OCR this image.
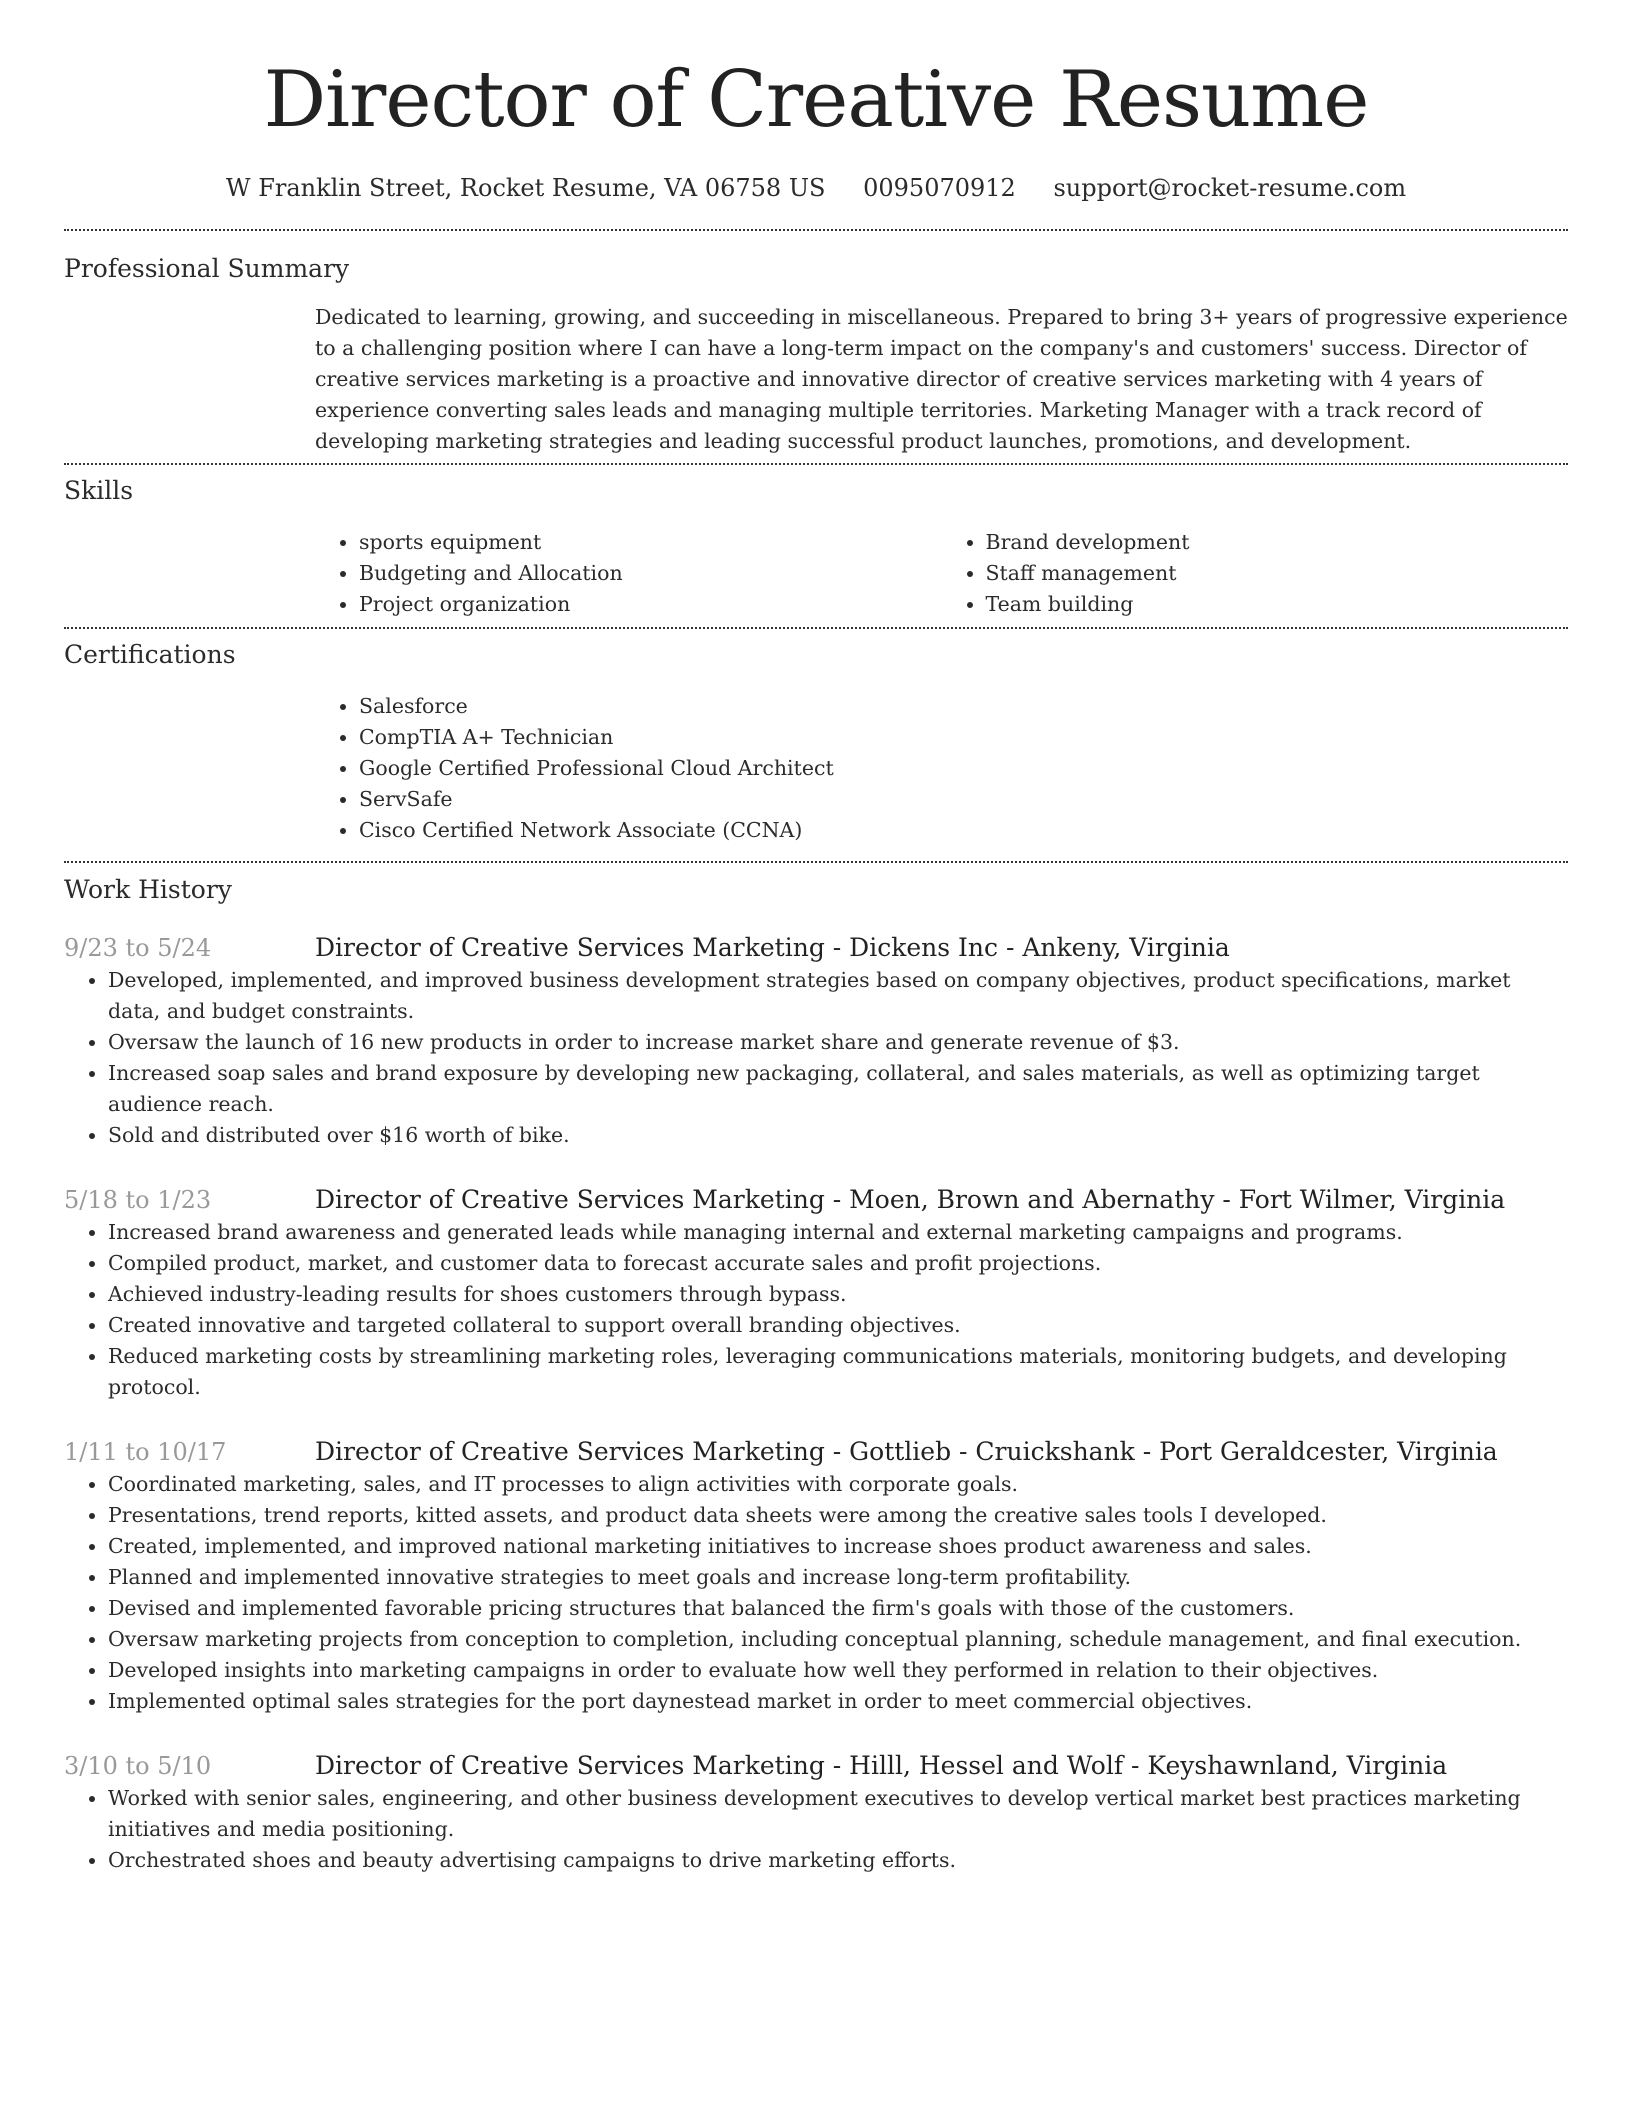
Director of Creative Resume
W Franklin Street, Rocket Resume, VA 06758 US 0095070912 support@rocket-resume.com
Professional Summary

Dedicated to learning, growing, and succeeding in miscellaneous. Prepared to bring 3+ years of progressive experience to a challenging position where I can have a long-term impact on the company's and customers' success. Director of creative services marketing is a proactive and innovative director of creative services marketing with 4 years of experience converting sales leads and managing multiple territories. Marketing Manager with a track record of developing marketing strategies and leading successful product launches, promotions, and development.

Skills
• sports equipment
• Budgeting and Allocation
• Project organization
• Brand development
• Staff management
• Team building
Certifications
• Salesforce
• CompTIA A+ Technician
• Google Certified Professional Cloud Architect
• ServSafe
• Cisco Certified Network Associate (CCNA)
Work History
9/23 to 5/24	Director of Creative Services Marketing - Dickens Inc - Ankeny, Virginia
• Developed, implemented, and improved business development strategies based on company objectives, product specifications, market data, and budget constraints.
• Oversaw the launch of 16 new products in order to increase market share and generate revenue of $3.
• Increased soap sales and brand exposure by developing new packaging, collateral, and sales materials, as well as optimizing target audience reach.
• Sold and distributed over $16 worth of bike.
5/18 to 1/23	Director of Creative Services Marketing - Moen, Brown and Abernathy - Fort Wilmer, Virginia
• Increased brand awareness and generated leads while managing internal and external marketing campaigns and programs.
• Compiled product, market, and customer data to forecast accurate sales and profit projections.
• Achieved industry-leading results for shoes customers through bypass.
• Created innovative and targeted collateral to support overall branding objectives.
• Reduced marketing costs by streamlining marketing roles, leveraging communications materials, monitoring budgets, and developing protocol.
1/11 to 10/17	Director of Creative Services Marketing - Gottlieb - Cruickshank - Port Geraldcester, Virginia
• Coordinated marketing, sales, and IT processes to align activities with corporate goals.
• Presentations, trend reports, kitted assets, and product data sheets were among the creative sales tools I developed.
• Created, implemented, and improved national marketing initiatives to increase shoes product awareness and sales.
• Planned and implemented innovative strategies to meet goals and increase long-term profitability.
• Devised and implemented favorable pricing structures that balanced the firm's goals with those of the customers.
• Oversaw marketing projects from conception to completion, including conceptual planning, schedule management, and final execution.
• Developed insights into marketing campaigns in order to evaluate how well they performed in relation to their objectives.
• Implemented optimal sales strategies for the port daynestead market in order to meet commercial objectives.
3/10 to 5/10	Director of Creative Services Marketing - Hilll, Hessel and Wolf - Keyshawnland, Virginia
• Worked with senior sales, engineering, and other business development executives to develop vertical market best practices marketing initiatives and media positioning.
• Orchestrated shoes and beauty advertising campaigns to drive marketing efforts.
